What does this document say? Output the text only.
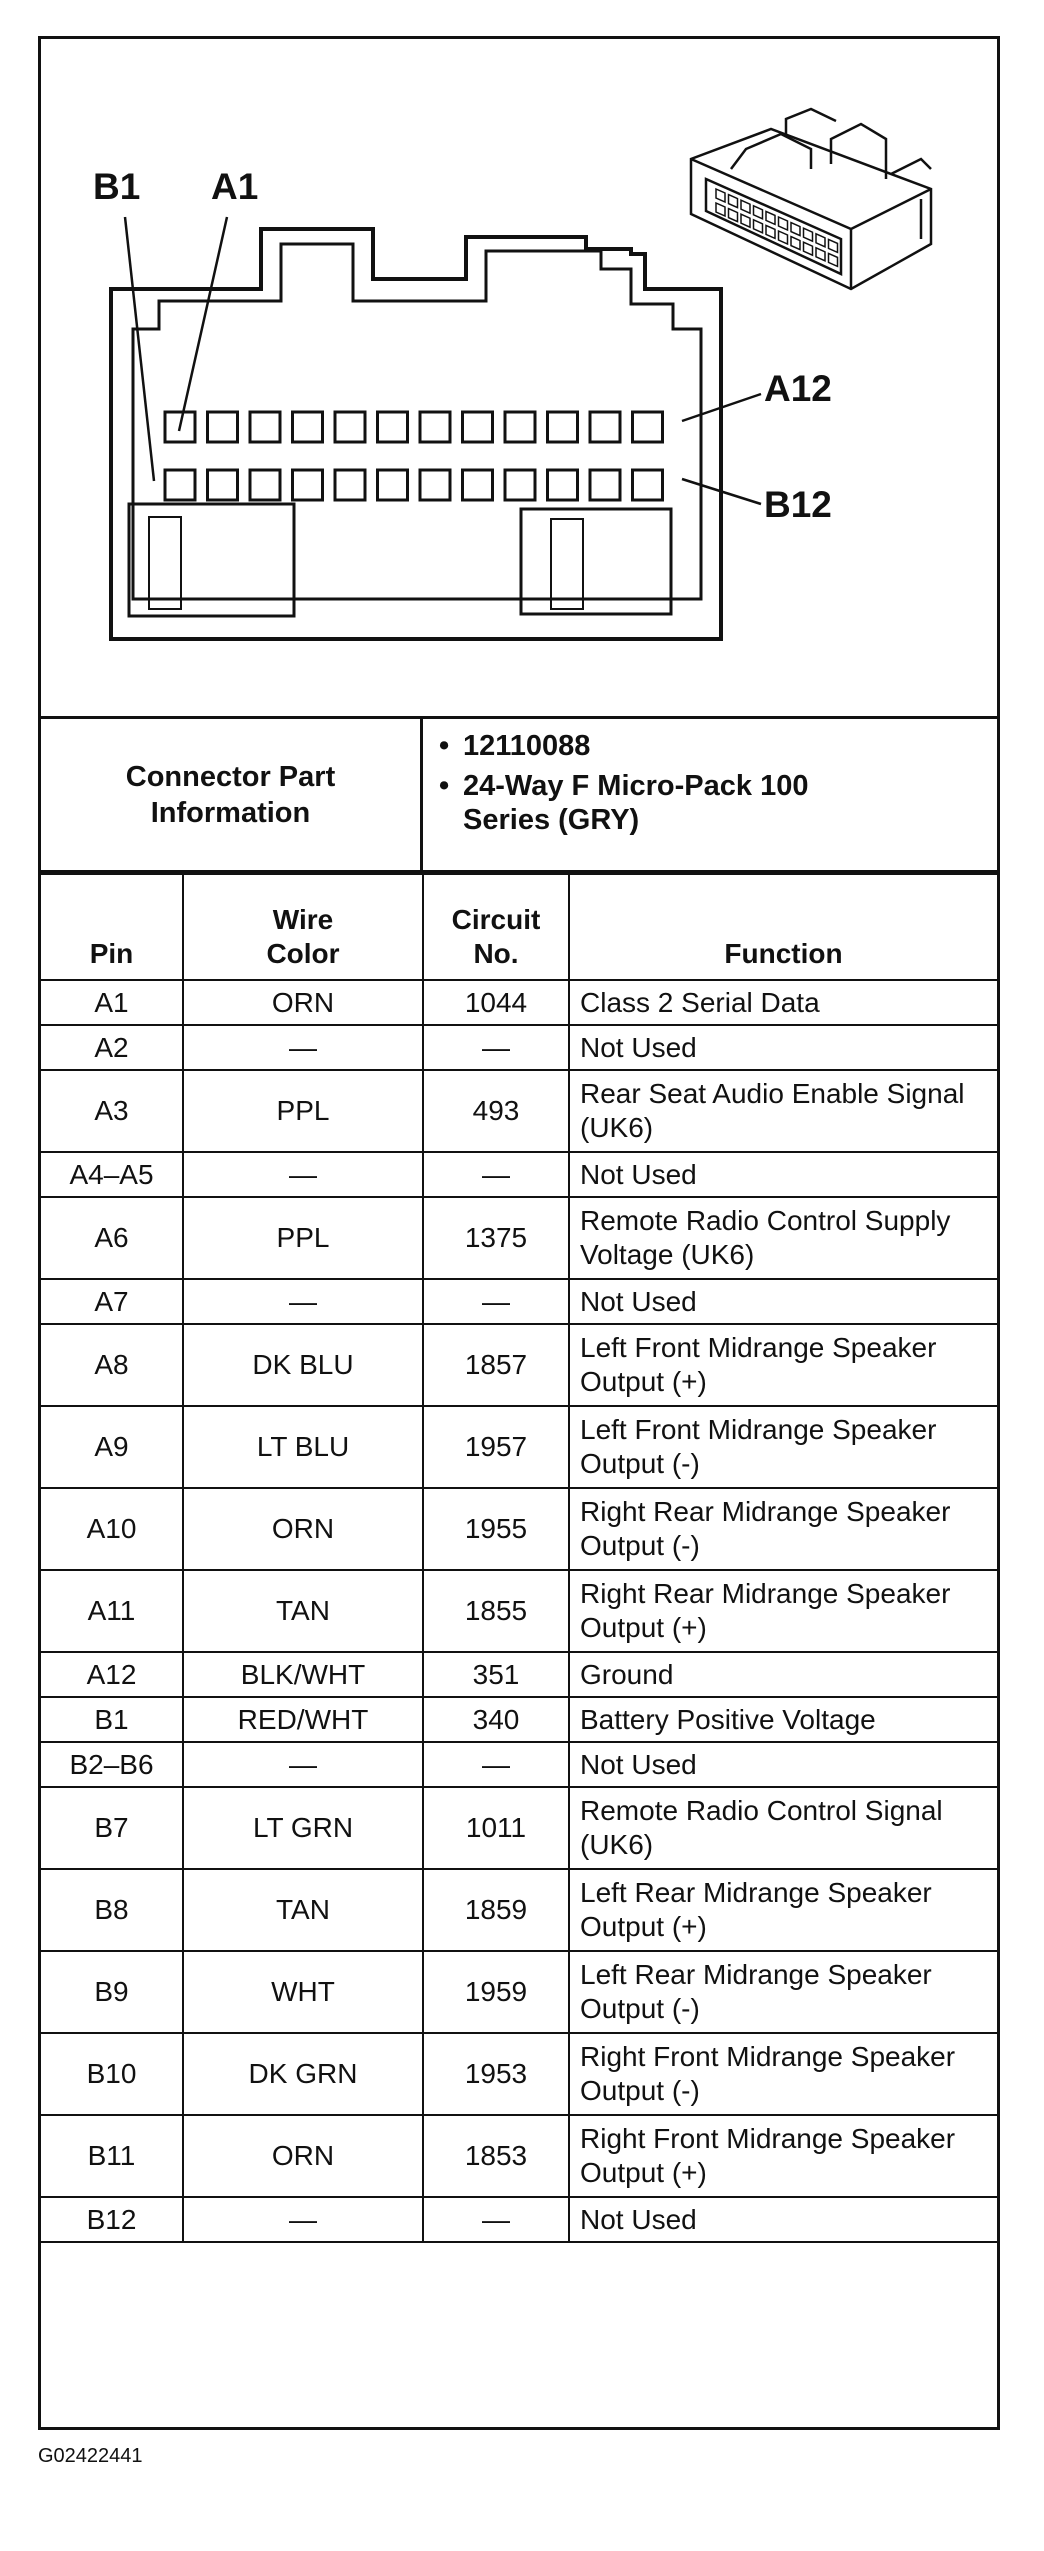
B1 A1
A12
B12
Connector Part Information
• 12110088
• 24-Way F Micro-Pack 100 Series (GRY)
Pin	Wire Color	Circuit No.	Function
A1	ORN	1044	Class 2 Serial Data
A2	—	—	Not Used
A3	PPL	493	Rear Seat Audio Enable Signal (UK6)
A4–A5	—	—	Not Used
A6	PPL	1375	Remote Radio Control Supply Voltage (UK6)
A7	—	—	Not Used
A8	DK BLU	1857	Left Front Midrange Speaker Output (+)
A9	LT BLU	1957	Left Front Midrange Speaker Output (-)
A10	ORN	1955	Right Rear Midrange Speaker Output (-)
A11	TAN	1855	Right Rear Midrange Speaker Output (+)
A12	BLK/WHT	351	Ground
B1	RED/WHT	340	Battery Positive Voltage
B2–B6	—	—	Not Used
B7	LT GRN	1011	Remote Radio Control Signal (UK6)
B8	TAN	1859	Left Rear Midrange Speaker Output (+)
B9	WHT	1959	Left Rear Midrange Speaker Output (-)
B10	DK GRN	1953	Right Front Midrange Speaker Output (-)
B11	ORN	1853	Right Front Midrange Speaker Output (+)
B12	—	—	Not Used
G02422441
